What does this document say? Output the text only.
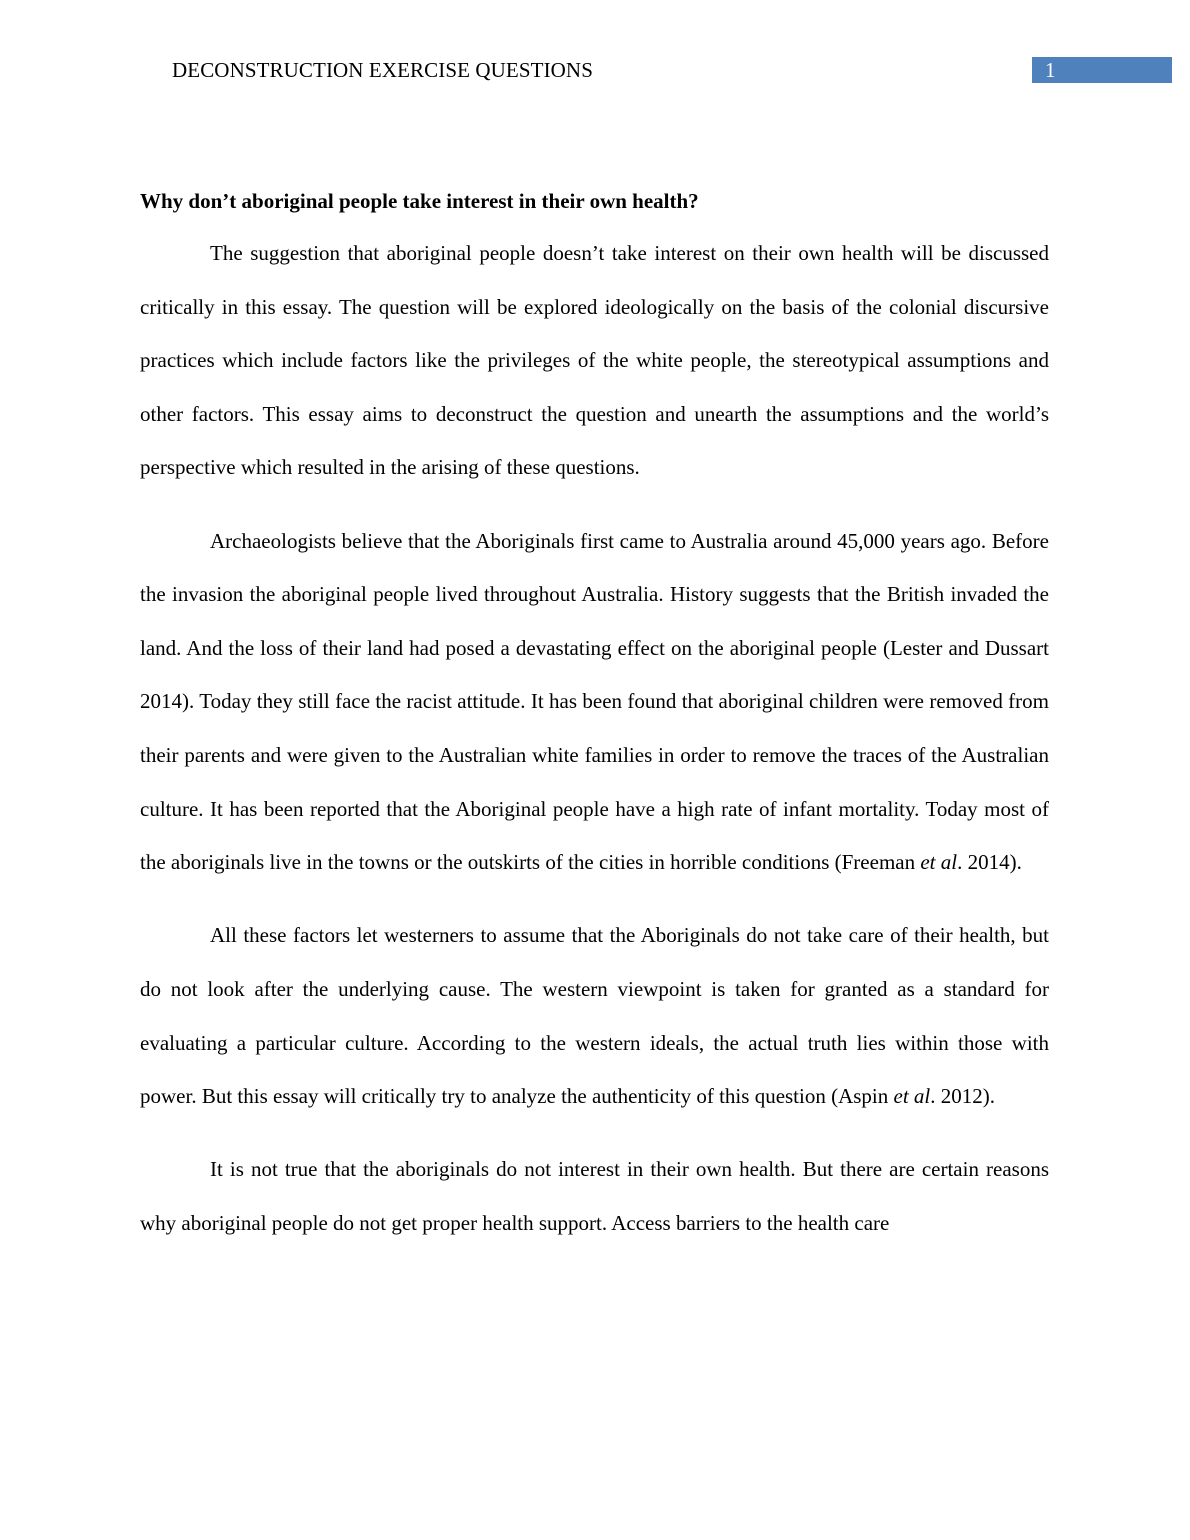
DECONSTRUCTION EXERCISE QUESTIONS	1
Why don’t aboriginal people take interest in their own health?

The suggestion that aboriginal people doesn’t take interest on their own health will be discussed critically in this essay. The question will be explored ideologically on the basis of the colonial discursive practices which include factors like the privileges of the white people, the stereotypical assumptions and other factors. This essay aims to deconstruct the question and unearth the assumptions and the world’s perspective which resulted in the arising of these questions.

Archaeologists believe that the Aboriginals first came to Australia around 45,000 years ago. Before the invasion the aboriginal people lived throughout Australia. History suggests that the British invaded the land. And the loss of their land had posed a devastating effect on the aboriginal people (Lester and Dussart 2014). Today they still face the racist attitude. It has been found that aboriginal children were removed from their parents and were given to the Australian white families in order to remove the traces of the Australian culture. It has been reported that the Aboriginal people have a high rate of infant mortality. Today most of the aboriginals live in the towns or the outskirts of the cities in horrible conditions (Freeman et al. 2014).

All these factors let westerners to assume that the Aboriginals do not take care of their health, but do not look after the underlying cause. The western viewpoint is taken for granted as a standard for evaluating a particular culture. According to the western ideals, the actual truth lies within those with power. But this essay will critically try to analyze the authenticity of this question (Aspin et al. 2012).

It is not true that the aboriginals do not interest in their own health. But there are certain reasons why aboriginal people do not get proper health support. Access barriers to the health care
